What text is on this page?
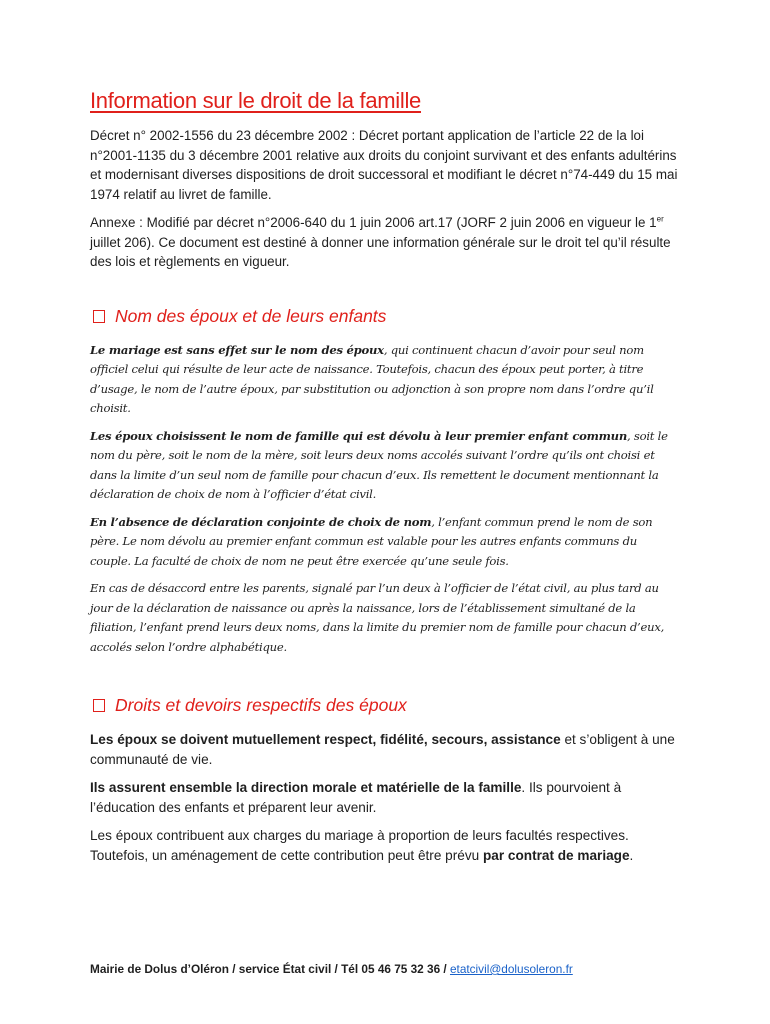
Information sur le droit de la famille

Décret n° 2002-1556 du 23 décembre 2002 : Décret portant application de l’article 22 de la loi n°2001-1135 du 3 décembre 2001 relative aux droits du conjoint survivant et des enfants adultérins et modernisant diverses dispositions de droit successoral et modifiant le décret n°74-449 du 15 mai 1974 relatif au livret de famille.

Annexe : Modifié par décret n°2006-640 du 1 juin 2006 art.17 (JORF 2 juin 2006 en vigueur le 1er juillet 206). Ce document est destiné à donner une information générale sur le droit tel qu’il résulte des lois et règlements en vigueur.

Nom des époux et de leurs enfants

Le mariage est sans effet sur le nom des époux, qui continuent chacun d’avoir pour seul nom officiel celui qui résulte de leur acte de naissance. Toutefois, chacun des époux peut porter, à titre d’usage, le nom de l’autre époux, par substitution ou adjonction à son propre nom dans l’ordre qu’il choisit.

Les époux choisissent le nom de famille qui est dévolu à leur premier enfant commun, soit le nom du père, soit le nom de la mère, soit leurs deux noms accolés suivant l’ordre qu’ils ont choisi et dans la limite d’un seul nom de famille pour chacun d’eux. Ils remettent le document mentionnant la déclaration de choix de nom à l’officier d’état civil.

En l’absence de déclaration conjointe de choix de nom, l’enfant commun prend le nom de son père. Le nom dévolu au premier enfant commun est valable pour les autres enfants communs du couple. La faculté de choix de nom ne peut être exercée qu’une seule fois.

En cas de désaccord entre les parents, signalé par l’un deux à l’officier de l’état civil, au plus tard au jour de la déclaration de naissance ou après la naissance, lors de l’établissement simultané de la filiation, l’enfant prend leurs deux noms, dans la limite du premier nom de famille pour chacun d’eux, accolés selon l’ordre alphabétique.

Droits et devoirs respectifs des époux

Les époux se doivent mutuellement respect, fidélité, secours, assistance et s’obligent à une communauté de vie.

Ils assurent ensemble la direction morale et matérielle de la famille. Ils pourvoient à l’éducation des enfants et préparent leur avenir.

Les époux contribuent aux charges du mariage à proportion de leurs facultés respectives. Toutefois, un aménagement de cette contribution peut être prévu par contrat de mariage.

Mairie de Dolus d’Oléron / service État civil / Tél 05 46 75 32 36 / etatcivil@dolusoleron.fr
